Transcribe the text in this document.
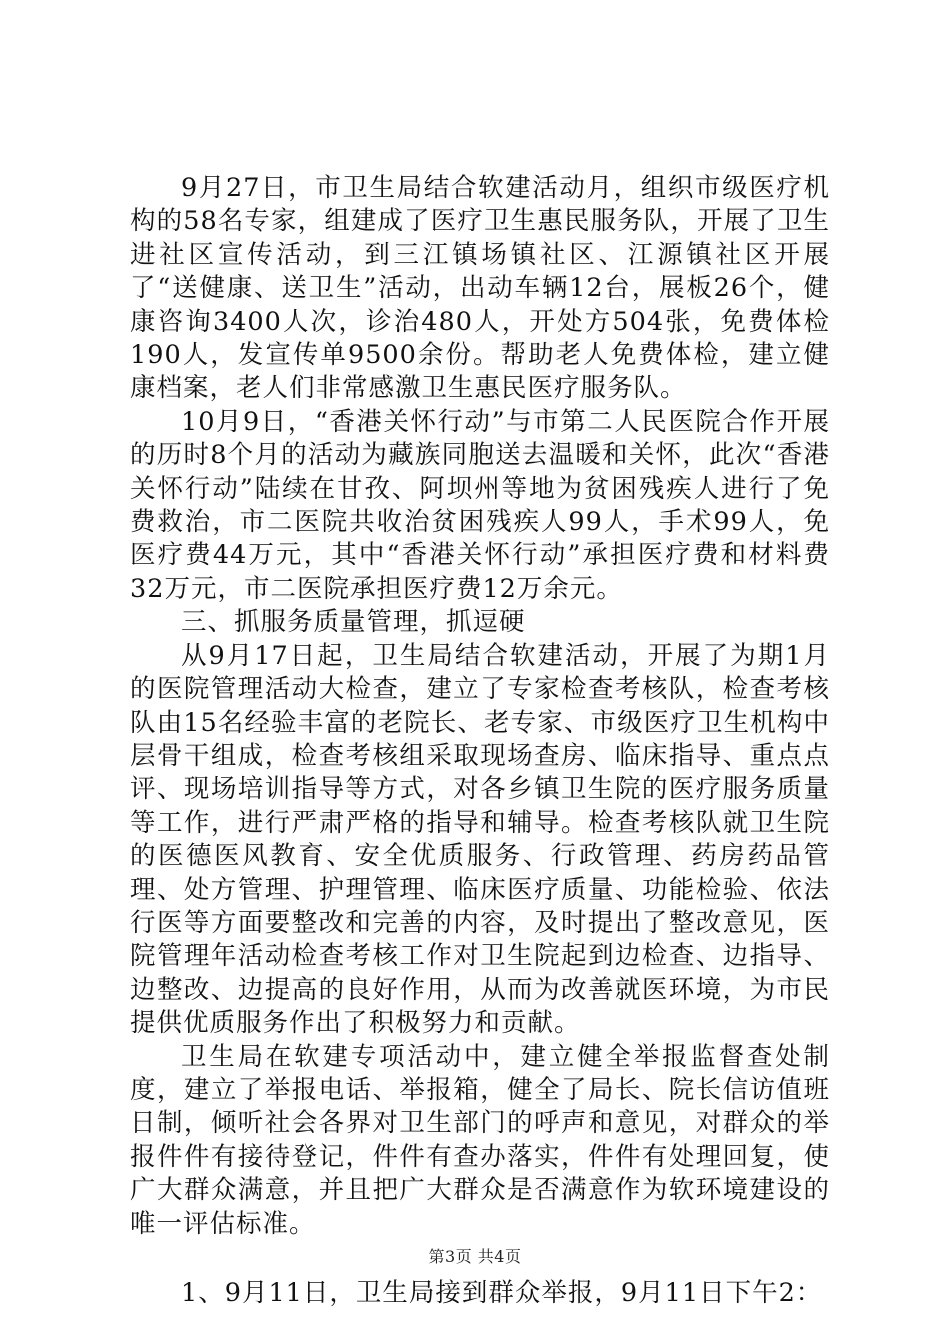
9月27日，市卫生局结合软建活动月，组织市级医疗机构的58名专家，组建成了医疗卫生惠民服务队，开展了卫生进社区宣传活动，到三江镇场镇社区、江源镇社区开展了“送健康、送卫生”活动，出动车辆12台，展板26个，健康咨询3400人次，诊治480人，开处方504张，免费体检190人，发宣传单9500余份。帮助老人免费体检，建立健康档案，老人们非常感激卫生惠民医疗服务队。

10月9日，“香港关怀行动”与市第二人民医院合作开展的历时8个月的活动为藏族同胞送去温暖和关怀，此次“香港关怀行动”陆续在甘孜、阿坝州等地为贫困残疾人进行了免费救治，市二医院共收治贫困残疾人99人，手术99人，免医疗费44万元，其中“香港关怀行动”承担医疗费和材料费32万元，市二医院承担医疗费12万余元。

三、抓服务质量管理，抓逗硬

从9月17日起，卫生局结合软建活动，开展了为期1月的医院管理活动大检查，建立了专家检查考核队，检查考核队由15名经验丰富的老院长、老专家、市级医疗卫生机构中层骨干组成，检查考核组采取现场查房、临床指导、重点点评、现场培训指导等方式，对各乡镇卫生院的医疗服务质量等工作，进行严肃严格的指导和辅导。检查考核队就卫生院的医德医风教育、安全优质服务、行政管理、药房药品管理、处方管理、护理管理、临床医疗质量、功能检验、依法行医等方面要整改和完善的内容，及时提出了整改意见，医院管理年活动检查考核工作对卫生院起到边检查、边指导、边整改、边提高的良好作用，从而为改善就医环境，为市民提供优质服务作出了积极努力和贡献。

卫生局在软建专项活动中，建立健全举报监督查处制度，建立了举报电话、举报箱，健全了局长、院长信访值班日制，倾听社会各界对卫生部门的呼声和意见，对群众的举报件件有接待登记，件件有查办落实，件件有处理回复，使广大群众满意，并且把广大群众是否满意作为软环境建设的唯一评估标准。

1、9月11日，卫生局接到群众举报，9月11日下午2：

第3页 共4页
